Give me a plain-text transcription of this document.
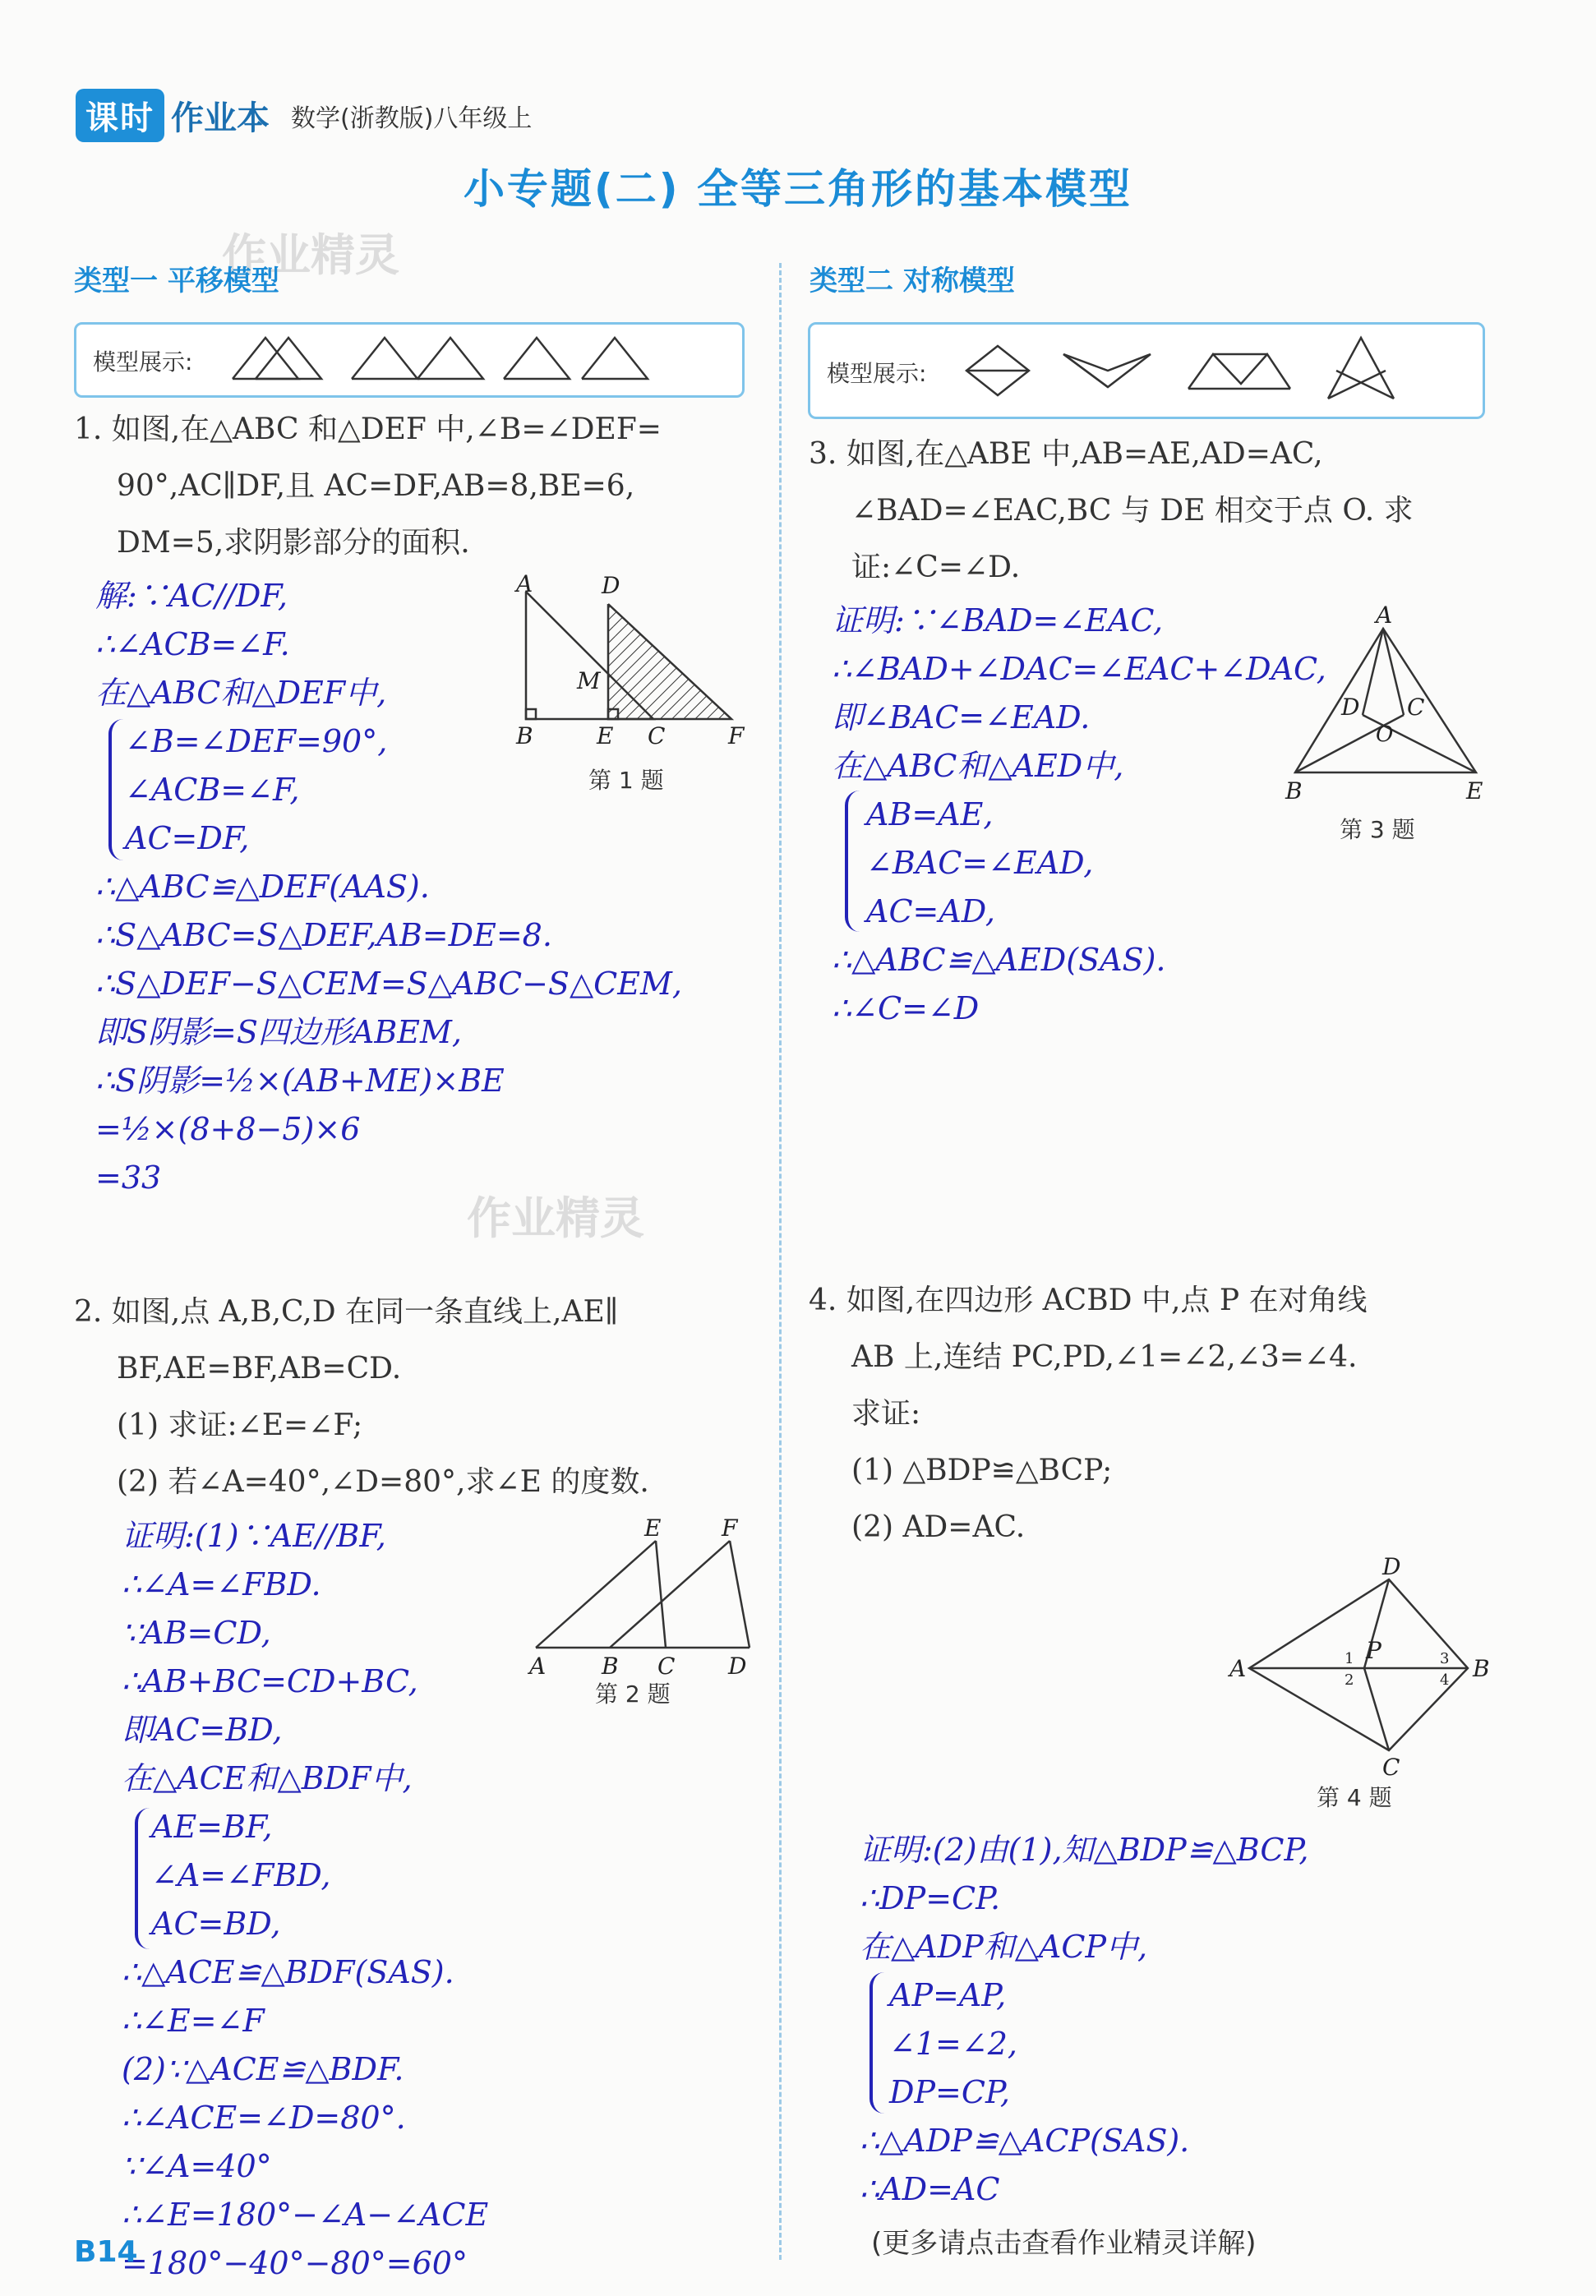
课时 作业本 数学(浙教版)八年级上
小专题(二) 全等三角形的基本模型
作业精灵
作业精灵
类型一 平移模型	类型二 对称模型
模型展示:	模型展示:
1. 如图,在△ABC 和△DEF 中,∠B=∠DEF=
90°,AC∥DF,且 AC=DF,AB=8,BE=6,
DM=5,求阴影部分的面积.
解:∵AC//DF,
∴∠ACB=∠F.
在△ABC和△DEF中,
∠B=∠DEF=90°,
∠ACB=∠F,
AC=DF,
∴△ABC≌△DEF(AAS).
∴S△ABC=S△DEF,AB=DE=8.
∴S△DEF−S△CEM=S△ABC−S△CEM,
即S阴影=S四边形ABEM,
∴S阴影=½×(AB+ME)×BE
=½×(8+8−5)×6
=33
A	D
M
B	E C	F
第 1 题
2. 如图,点 A,B,C,D 在同一条直线上,AE∥
BF,AE=BF,AB=CD.
(1) 求证:∠E=∠F;
(2) 若∠A=40°,∠D=80°,求∠E 的度数.
证明:(1)∵AE//BF,
∴∠A=∠FBD.
∵AB=CD,
∴AB+BC=CD+BC,
即AC=BD,
在△ACE和△BDF中,
AE=BF,
∠A=∠FBD,
AC=BD,
∴△ACE≌△BDF(SAS).
∴∠E=∠F
(2)∵△ACE≌△BDF.
∴∠ACE=∠D=80°.
∵∠A=40°
∴∠E=180°−∠A−∠ACE
=180°−40°−80°=60°
E	F
A B C D
第 2 题
3. 如图,在△ABE 中,AB=AE,AD=AC,
∠BAD=∠EAC,BC 与 DE 相交于点 O. 求
证:∠C=∠D.
证明:∵∠BAD=∠EAC,
∴∠BAD+∠DAC=∠EAC+∠DAC,
即∠BAC=∠EAD.
在△ABC和△AED中,
AB=AE,
∠BAC=∠EAD,
AC=AD,
∴△ABC≌△AED(SAS).
∴∠C=∠D
A
D C
O
B	E
第 3 题
4. 如图,在四边形 ACBD 中,点 P 在对角线
AB 上,连结 PC,PD,∠1=∠2,∠3=∠4.
求证:
(1) △BDP≌△BCP;
(2) AD=AC.
D
A
P
B
C
1
2
3
4
第 4 题
证明:(2)由(1),知△BDP≌△BCP,
∴DP=CP.
在△ADP和△ACP中,
AP=AP,
∠1=∠2,
DP=CP,
∴△ADP≌△ACP(SAS).
∴AD=AC
B14	(更多请点击查看作业精灵详解)
